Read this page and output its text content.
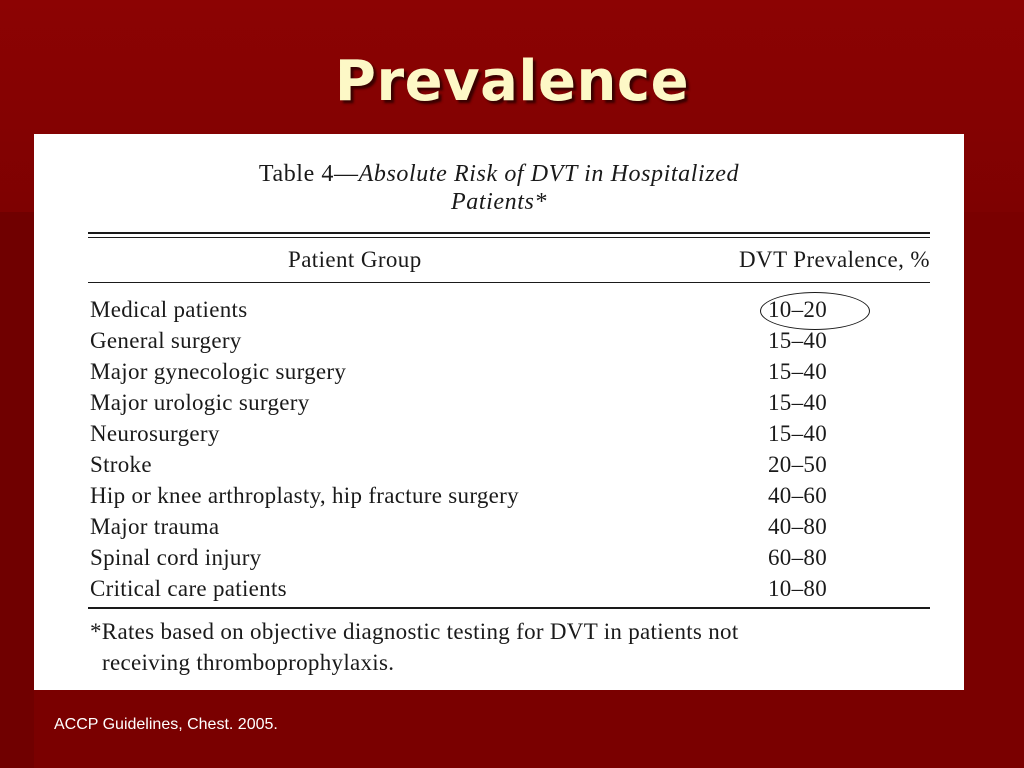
Prevalence
Table 4—Absolute Risk of DVT in Hospitalized
Patients*
Patient Group	DVT Prevalence, %
Medical patients	10–20
General surgery	15–40
Major gynecologic surgery	15–40
Major urologic surgery	15–40
Neurosurgery	15–40
Stroke	20–50
Hip or knee arthroplasty, hip fracture surgery	40–60
Major trauma	40–80
Spinal cord injury	60–80
Critical care patients	10–80
*Rates based on objective diagnostic testing for DVT in patients not
receiving thromboprophylaxis.
ACCP Guidelines, Chest. 2005.
